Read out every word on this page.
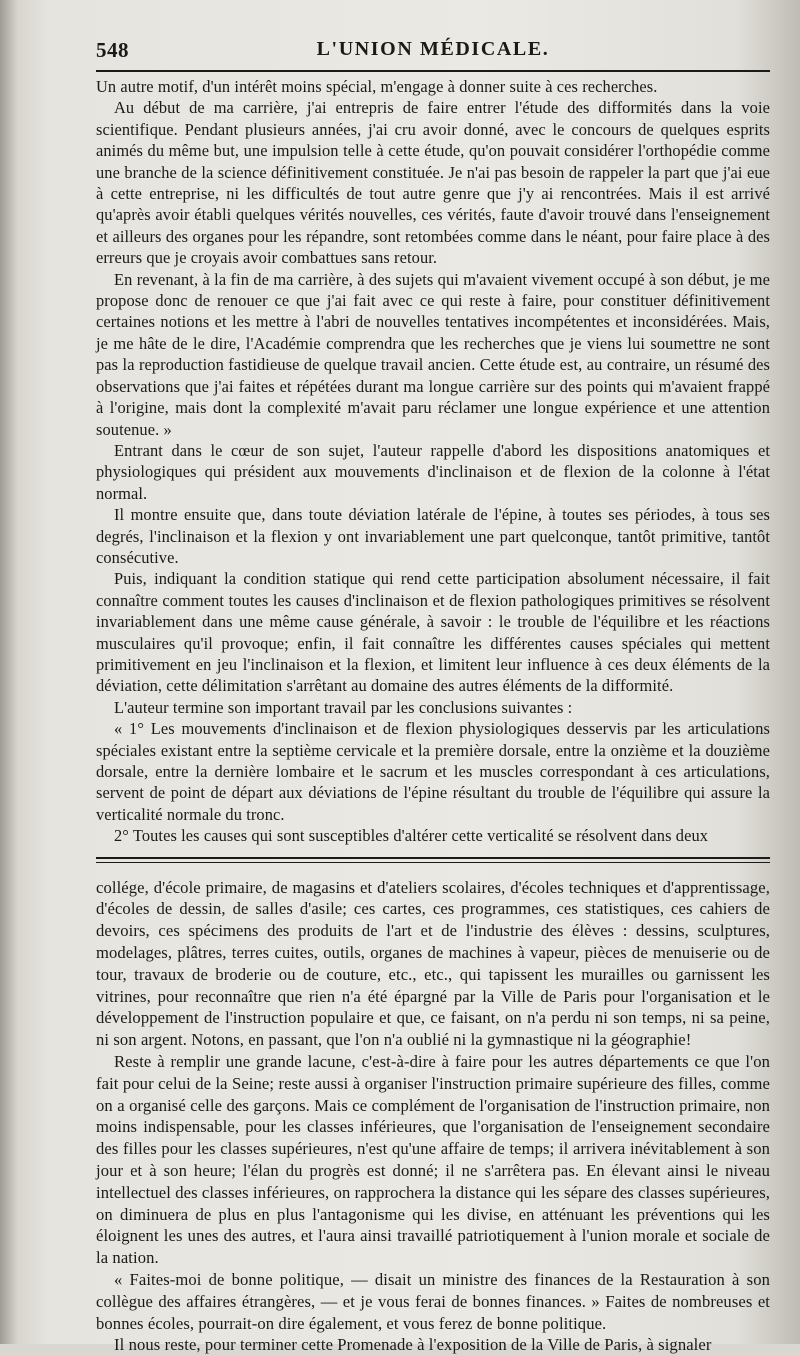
548	L'UNION MÉDICALE.

Un autre motif, d'un intérêt moins spécial, m'engage à donner suite à ces recherches.

Au début de ma carrière, j'ai entrepris de faire entrer l'étude des difformités dans la voie scientifique. Pendant plusieurs années, j'ai cru avoir donné, avec le concours de quelques esprits animés du même but, une impulsion telle à cette étude, qu'on pouvait considérer l'orthopédie comme une branche de la science définitivement constituée. Je n'ai pas besoin de rappeler la part que j'ai eue à cette entreprise, ni les difficultés de tout autre genre que j'y ai rencontrées. Mais il est arrivé qu'après avoir établi quelques vérités nouvelles, ces vérités, faute d'avoir trouvé dans l'enseignement et ailleurs des organes pour les répandre, sont retombées comme dans le néant, pour faire place à des erreurs que je croyais avoir combattues sans retour.

En revenant, à la fin de ma carrière, à des sujets qui m'avaient vivement occupé à son début, je me propose donc de renouer ce que j'ai fait avec ce qui reste à faire, pour constituer définitivement certaines notions et les mettre à l'abri de nouvelles tentatives incompétentes et inconsidérées. Mais, je me hâte de le dire, l'Académie comprendra que les recherches que je viens lui soumettre ne sont pas la reproduction fastidieuse de quelque travail ancien. Cette étude est, au contraire, un résumé des observations que j'ai faites et répétées durant ma longue carrière sur des points qui m'avaient frappé à l'origine, mais dont la complexité m'avait paru réclamer une longue expérience et une attention soutenue. »

Entrant dans le cœur de son sujet, l'auteur rappelle d'abord les dispositions anatomiques et physiologiques qui président aux mouvements d'inclinaison et de flexion de la colonne à l'état normal.

Il montre ensuite que, dans toute déviation latérale de l'épine, à toutes ses périodes, à tous ses degrés, l'inclinaison et la flexion y ont invariablement une part quelconque, tantôt primitive, tantôt consécutive.

Puis, indiquant la condition statique qui rend cette participation absolument nécessaire, il fait connaître comment toutes les causes d'inclinaison et de flexion pathologiques primitives se résolvent invariablement dans une même cause générale, à savoir : le trouble de l'équilibre et les réactions musculaires qu'il provoque; enfin, il fait connaître les différentes causes spéciales qui mettent primitivement en jeu l'inclinaison et la flexion, et limitent leur influence à ces deux éléments de la déviation, cette délimitation s'arrêtant au domaine des autres éléments de la difformité.

L'auteur termine son important travail par les conclusions suivantes :

« 1° Les mouvements d'inclinaison et de flexion physiologiques desservis par les articulations spéciales existant entre la septième cervicale et la première dorsale, entre la onzième et la douzième dorsale, entre la dernière lombaire et le sacrum et les muscles correspondant à ces articulations, servent de point de départ aux déviations de l'épine résultant du trouble de l'équilibre qui assure la verticalité normale du tronc.

2° Toutes les causes qui sont susceptibles d'altérer cette verticalité se résolvent dans deux

collége, d'école primaire, de magasins et d'ateliers scolaires, d'écoles techniques et d'apprentissage, d'écoles de dessin, de salles d'asile; ces cartes, ces programmes, ces statistiques, ces cahiers de devoirs, ces spécimens des produits de l'art et de l'industrie des élèves : dessins, sculptures, modelages, plâtres, terres cuites, outils, organes de machines à vapeur, pièces de menuiserie ou de tour, travaux de broderie ou de couture, etc., etc., qui tapissent les murailles ou garnissent les vitrines, pour reconnaître que rien n'a été épargné par la Ville de Paris pour l'organisation et le développement de l'instruction populaire et que, ce faisant, on n'a perdu ni son temps, ni sa peine, ni son argent. Notons, en passant, que l'on n'a oublié ni la gymnastique ni la géographie!

Reste à remplir une grande lacune, c'est-à-dire à faire pour les autres départements ce que l'on fait pour celui de la Seine; reste aussi à organiser l'instruction primaire supérieure des filles, comme on a organisé celle des garçons. Mais ce complément de l'organisation de l'instruction primaire, non moins indispensable, pour les classes inférieures, que l'organisation de l'enseignement secondaire des filles pour les classes supérieures, n'est qu'une affaire de temps; il arrivera inévitablement à son jour et à son heure; l'élan du progrès est donné; il ne s'arrêtera pas. En élevant ainsi le niveau intellectuel des classes inférieures, on rapprochera la distance qui les sépare des classes supérieures, on diminuera de plus en plus l'antagonisme qui les divise, en atténuant les préventions qui les éloignent les unes des autres, et l'aura ainsi travaillé patriotiquement à l'union morale et sociale de la nation.

« Faites-moi de bonne politique, — disait un ministre des finances de la Restauration à son collègue des affaires étrangères, — et je vous ferai de bonnes finances. » Faites de nombreuses et bonnes écoles, pourrait-on dire également, et vous ferez de bonne politique.

Il nous reste, pour terminer cette Promenade à l'exposition de la Ville de Paris, à signaler
